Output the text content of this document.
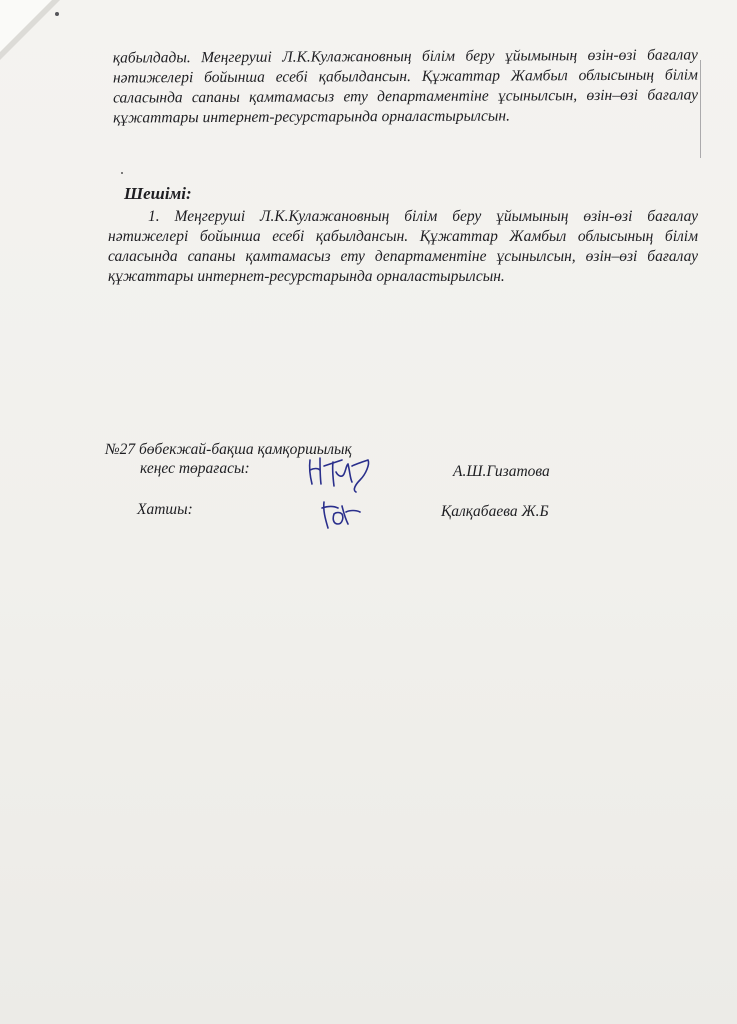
қабылдады. Меңгеруші Л.К.Кулажановның білім беру ұйымының өзін-өзі бағалау нәтижелері бойынша есебі қабылдансын. Құжаттар Жамбыл облысының білім саласында сапаны қамтамасыз ету департаментіне ұсынылсын, өзін–өзі бағалау құжаттары интернет-ресурстарында орналастырылсын.

Шешімі:

1. Меңгеруші Л.К.Кулажановның білім беру ұйымының өзін-өзі бағалау нәтижелері бойынша есебі қабылдансын. Құжаттар Жамбыл облысының білім саласында сапаны қамтамасыз ету департаментіне ұсынылсын, өзін–өзі бағалау құжаттары интернет-ресурстарында орналастырылсын.

№27 бөбекжай-бақша қамқоршылық

кеңес төрағасы:	А.Ш.Гизатова

Хатшы:	Қалқабаева Ж.Б
